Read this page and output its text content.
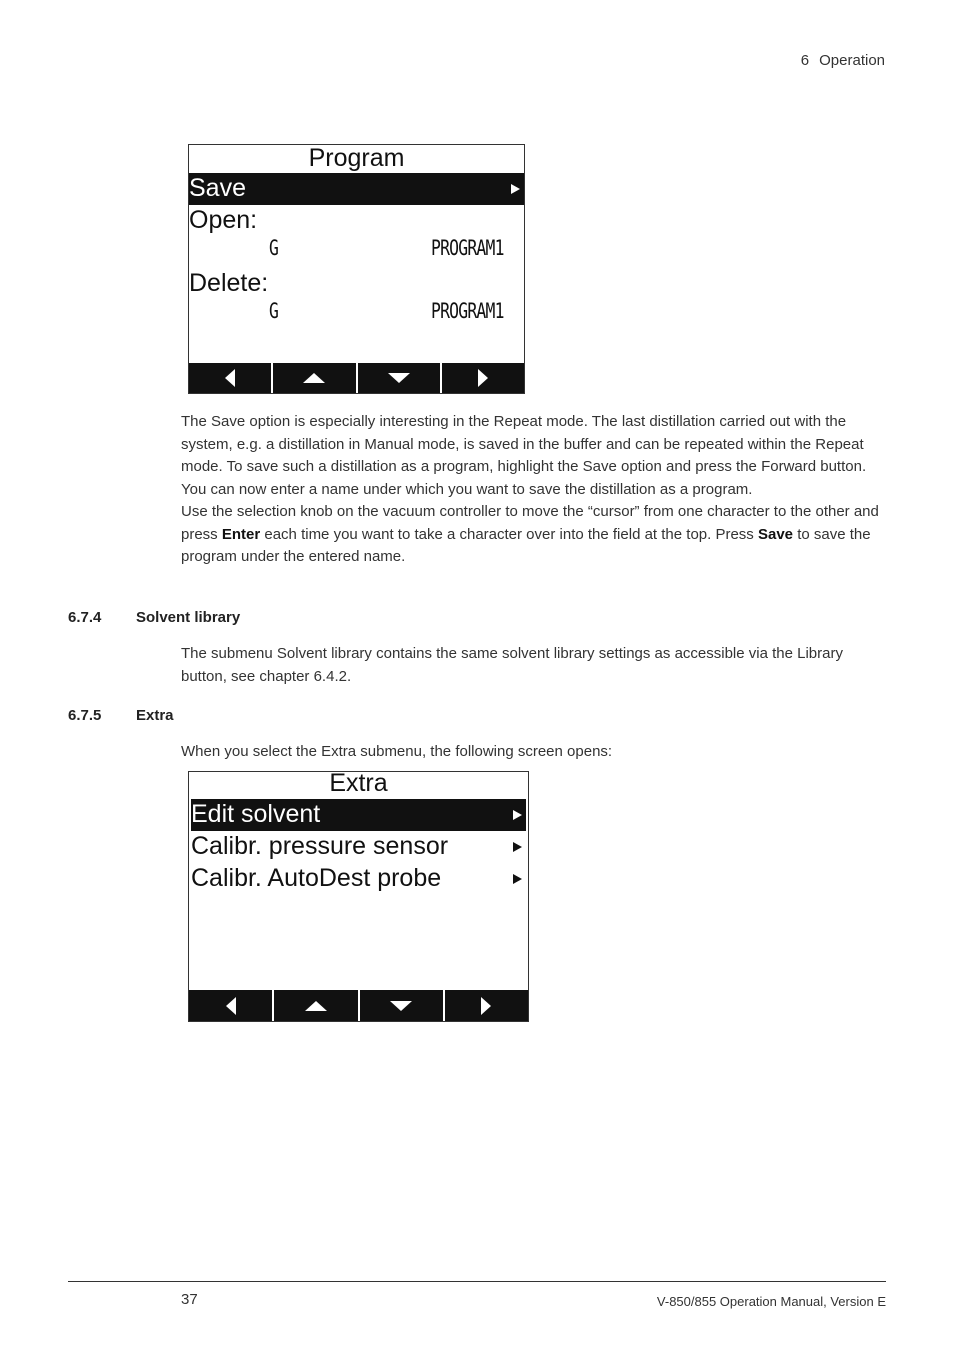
6 Operation
Program
Save
Open:
G	PROGRAM1
Delete:
G	PROGRAM1
The Save option is especially interesting in the Repeat mode. The last distillation carried out with the system, e.g. a distillation in Manual mode, is saved in the buffer and can be repeated within the Repeat mode. To save such a distillation as a program, highlight the Save option and press the Forward button. You can now enter a name under which you want to save the distillation as a program.
Use the selection knob on the vacuum controller to move the “cursor” from one character to the other and press Enter each time you want to take a character over into the field at the top. Press Save to save the program under the entered name.
6.7.4 Solvent library
The submenu Solvent library contains the same solvent library settings as accessible via the Library button, see chapter 6.4.2.
6.7.5 Extra
When you select the Extra submenu, the following screen opens:
Extra
Edit solvent
Calibr. pressure sensor
Calibr. AutoDest probe
37	V-850/855 Operation Manual, Version E
